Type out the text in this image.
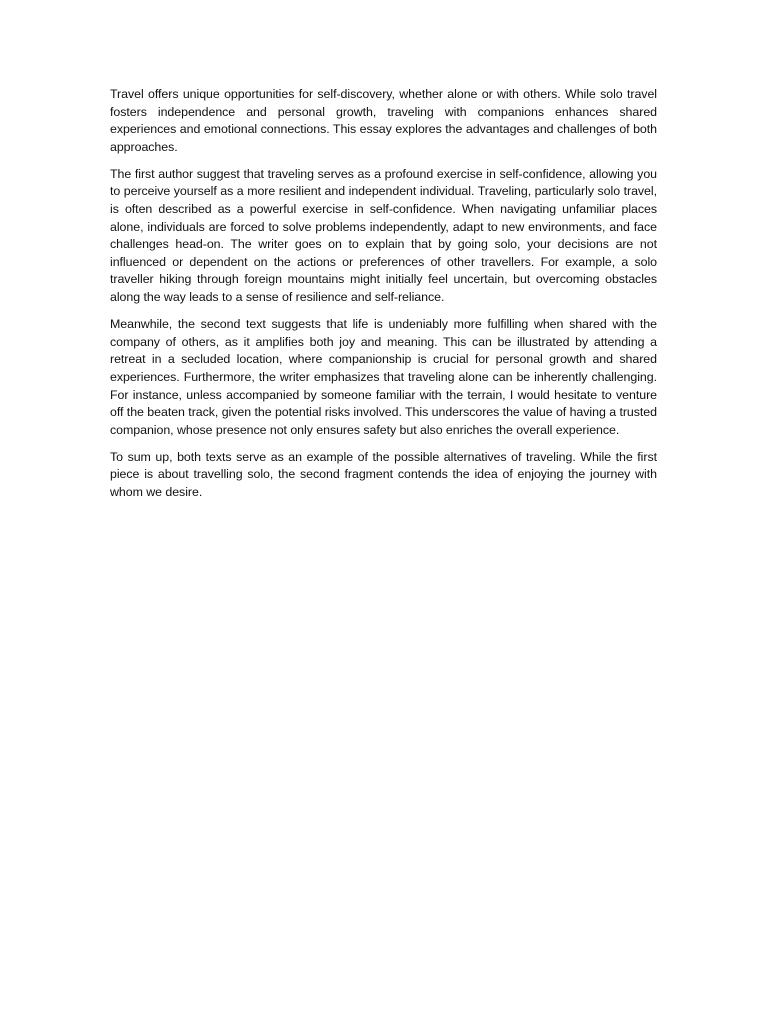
Travel offers unique opportunities for self-discovery, whether alone or with others. While solo travel fosters independence and personal growth, traveling with companions enhances shared experiences and emotional connections. This essay explores the advantages and challenges of both approaches.

The first author suggest that traveling serves as a profound exercise in self-confidence, allowing you to perceive yourself as a more resilient and independent individual. Traveling, particularly solo travel, is often described as a powerful exercise in self-confidence. When navigating unfamiliar places alone, individuals are forced to solve problems independently, adapt to new environments, and face challenges head-on. The writer goes on to explain that by going solo, your decisions are not influenced or dependent on the actions or preferences of other travellers. For example, a solo traveller hiking through foreign mountains might initially feel uncertain, but overcoming obstacles along the way leads to a sense of resilience and self-reliance.

Meanwhile, the second text suggests that life is undeniably more fulfilling when shared with the company of others, as it amplifies both joy and meaning. This can be illustrated by attending a retreat in a secluded location, where companionship is crucial for personal growth and shared experiences. Furthermore, the writer emphasizes that traveling alone can be inherently challenging. For instance, unless accompanied by someone familiar with the terrain, I would hesitate to venture off the beaten track, given the potential risks involved. This underscores the value of having a trusted companion, whose presence not only ensures safety but also enriches the overall experience.

To sum up, both texts serve as an example of the possible alternatives of traveling. While the first piece is about travelling solo, the second fragment contends the idea of enjoying the journey with whom we desire.
